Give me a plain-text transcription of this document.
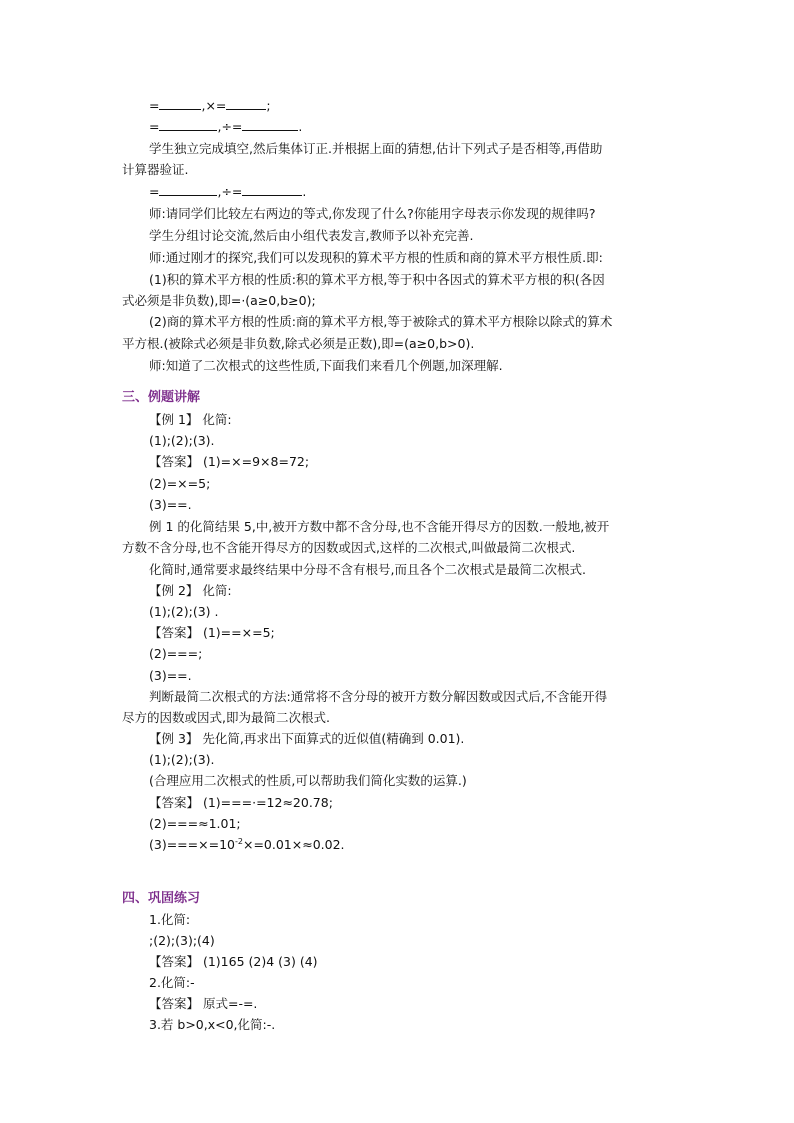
=	,×=	;
=	,÷=	.
学生独立完成填空,然后集体订正.并根据上面的猜想,估计下列式子是否相等,再借助
计算器验证.
=	,÷=	.
师:请同学们比较左右两边的等式,你发现了什么?你能用字母表示你发现的规律吗?
学生分组讨论交流,然后由小组代表发言,教师予以补充完善.
师:通过刚才的探究,我们可以发现积的算术平方根的性质和商的算术平方根性质.即:
(1)积的算术平方根的性质:积的算术平方根,等于积中各因式的算术平方根的积(各因
式必须是非负数),即=·(a≥0,b≥0);
(2)商的算术平方根的性质:商的算术平方根,等于被除式的算术平方根除以除式的算术
平方根.(被除式必须是非负数,除式必须是正数),即=(a≥0,b>0).
师:知道了二次根式的这些性质,下面我们来看几个例题,加深理解.
三、例题讲解
【例 1】 化简:
(1);(2);(3).
【答案】 (1)=×=9×8=72;
(2)=×=5;
(3)==.
例 1 的化简结果 5,中,被开方数中都不含分母,也不含能开得尽方的因数.一般地,被开
方数不含分母,也不含能开得尽方的因数或因式,这样的二次根式,叫做最简二次根式.
化简时,通常要求最终结果中分母不含有根号,而且各个二次根式是最简二次根式.
【例 2】 化简:
(1);(2);(3) .
【答案】 (1)==×=5;
(2)===;
(3)==.
判断最简二次根式的方法:通常将不含分母的被开方数分解因数或因式后,不含能开得
尽方的因数或因式,即为最简二次根式.
【例 3】 先化简,再求出下面算式的近似值(精确到 0.01).
(1);(2);(3).
(合理应用二次根式的性质,可以帮助我们简化实数的运算.)
【答案】 (1)===·=12≈20.78;
(2)===≈1.01;
$(3)===\times=10^{-2}\times=0.01\times\approx 0.02$.
四、巩固练习
1.化简:
;(2);(3);(4)
【答案】 (1)165 (2)4 (3) (4)
2.化简:-
【答案】 原式=-=.
3.若 b>0,x<0,化简:-.
